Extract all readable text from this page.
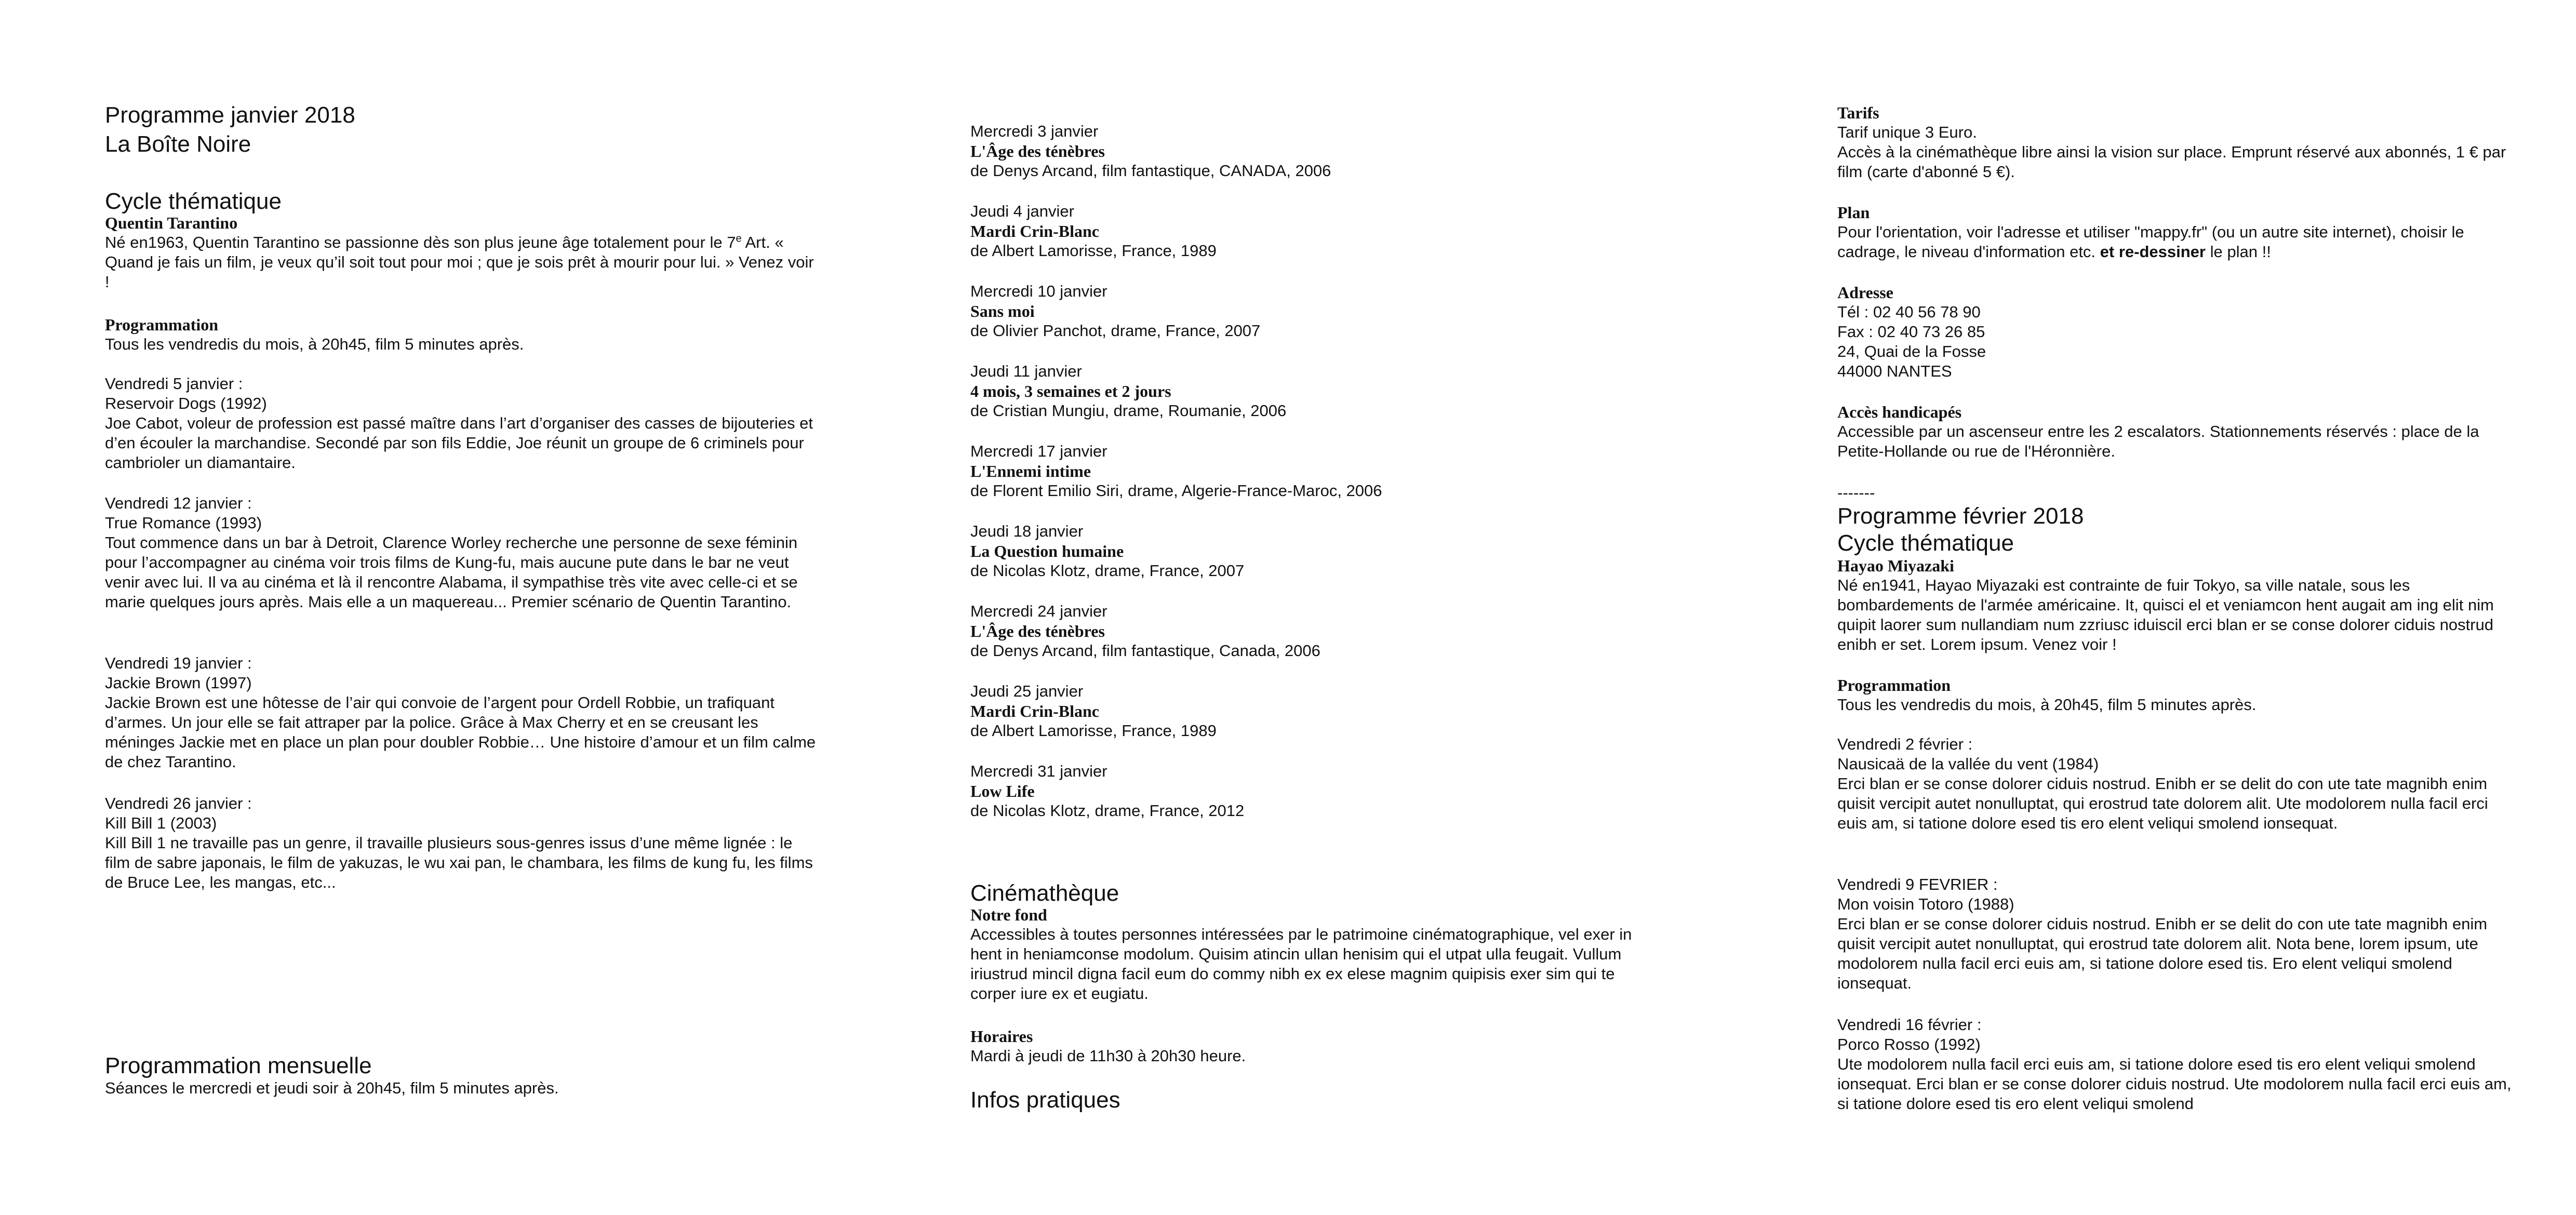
Programme janvier 2018
La Boîte Noire
Cycle thématique
Quentin Tarantino
Né en1963, Quentin Tarantino se passionne dès son plus jeune âge totalement pour le 7e Art. « Quand je fais un film, je veux qu’il soit tout pour moi ; que je sois prêt à mourir pour lui. » Venez voir !
Programmation
Tous les vendredis du mois, à 20h45, film 5 minutes après.
Vendredi 5 janvier :
Reservoir Dogs (1992)
Joe Cabot, voleur de profession est passé maître dans l’art d’organiser des casses de bijouteries et d’en écouler la marchandise. Secondé par son fils Eddie, Joe réunit un groupe de 6 criminels pour cambrioler un diamantaire.
Vendredi 12 janvier :
True Romance (1993)
Tout commence dans un bar à Detroit, Clarence Worley recherche une personne de sexe féminin pour l’accompagner au cinéma voir trois films de Kung-fu, mais aucune pute dans le bar ne veut venir avec lui. Il va au cinéma et là il rencontre Alabama, il sympathise très vite avec celle-ci et se marie quelques jours après. Mais elle a un maquereau... Premier scénario de Quentin Tarantino.
Vendredi 19 janvier :
Jackie Brown (1997)
Jackie Brown est une hôtesse de l’air qui convoie de l’argent pour Ordell Robbie, un trafiquant d’armes. Un jour elle se fait attraper par la police. Grâce à Max Cherry et en se creusant les méninges Jackie met en place un plan pour doubler Robbie… Une histoire d’amour et un film calme de chez Tarantino.
Vendredi 26 janvier :
Kill Bill 1 (2003)
Kill Bill 1 ne travaille pas un genre, il travaille plusieurs sous-genres issus d’une même lignée : le film de sabre japonais, le film de yakuzas, le wu xai pan, le chambara, les films de kung fu, les films de Bruce Lee, les mangas, etc...
Programmation mensuelle
Séances le mercredi et jeudi soir à 20h45, film 5 minutes après.
Mercredi 3 janvier
L'Âge des ténèbres
de Denys Arcand, film fantastique, CANADA, 2006
Jeudi 4 janvier
Mardi Crin-Blanc
de Albert Lamorisse, France, 1989
Mercredi 10 janvier
Sans moi
de Olivier Panchot, drame, France, 2007
Jeudi 11 janvier
4 mois, 3 semaines et 2 jours
de Cristian Mungiu, drame, Roumanie, 2006
Mercredi 17 janvier
L'Ennemi intime
de Florent Emilio Siri, drame, Algerie-France-Maroc, 2006
Jeudi 18 janvier
La Question humaine
de Nicolas Klotz, drame, France, 2007
Mercredi 24 janvier
L'Âge des ténèbres
de Denys Arcand, film fantastique, Canada, 2006
Jeudi 25 janvier
Mardi Crin-Blanc
de Albert Lamorisse, France, 1989
Mercredi 31 janvier
Low Life
de Nicolas Klotz, drame, France, 2012
Cinémathèque
Notre fond
Accessibles à toutes personnes intéressées par le patrimoine cinématographique, vel exer in hent in heniamconse modolum. Quisim atincin ullan henisim qui el utpat ulla feugait. Vullum iriustrud mincil digna facil eum do commy nibh ex ex elese magnim quipisis exer sim qui te corper iure ex et eugiatu.
Horaires
Mardi à jeudi de 11h30 à 20h30 heure.
Infos pratiques
Tarifs
Tarif unique 3 Euro.
Accès à la cinémathèque libre ainsi la vision sur place. Emprunt réservé aux abonnés, 1 € par film (carte d'abonné 5 €).
Plan
Pour l'orientation, voir l'adresse et utiliser "mappy.fr" (ou un autre site internet), choisir le cadrage, le niveau d'information etc. et re-dessiner le plan !!
Adresse
Tél : 02 40 56 78 90
Fax : 02 40 73 26 85
24, Quai de la Fosse
44000 NANTES
Accès handicapés
Accessible par un ascenseur entre les 2 escalators. Stationnements réservés : place de la Petite-Hollande ou rue de l'Héronnière.
-------
Programme février 2018
Cycle thématique
Hayao Miyazaki
Né en1941, Hayao Miyazaki est contrainte de fuir Tokyo, sa ville natale, sous les bombardements de l'armée américaine. It, quisci el et veniamcon hent augait am ing elit nim quipit laorer sum nullandiam num zzriusc iduiscil erci blan er se conse dolorer ciduis nostrud enibh er set. Lorem ipsum. Venez voir !
Programmation
Tous les vendredis du mois, à 20h45, film 5 minutes après.
Vendredi 2 février :
Nausicaä de la vallée du vent (1984)
Erci blan er se conse dolorer ciduis nostrud. Enibh er se delit do con ute tate magnibh enim quisit vercipit autet nonulluptat, qui erostrud tate dolorem alit. Ute modolorem nulla facil erci euis am, si tatione dolore esed tis ero elent veliqui smolend ionsequat.
Vendredi 9 FEVRIER :
Mon voisin Totoro (1988)
Erci blan er se conse dolorer ciduis nostrud. Enibh er se delit do con ute tate magnibh enim quisit vercipit autet nonulluptat, qui erostrud tate dolorem alit. Nota bene, lorem ipsum, ute modolorem nulla facil erci euis am, si tatione dolore esed tis. Ero elent veliqui smolend ionsequat.
Vendredi 16 février :
Porco Rosso (1992)
Ute modolorem nulla facil erci euis am, si tatione dolore esed tis ero elent veliqui smolend ionsequat. Erci blan er se conse dolorer ciduis nostrud. Ute modolorem nulla facil erci euis am, si tatione dolore esed tis ero elent veliqui smolend
